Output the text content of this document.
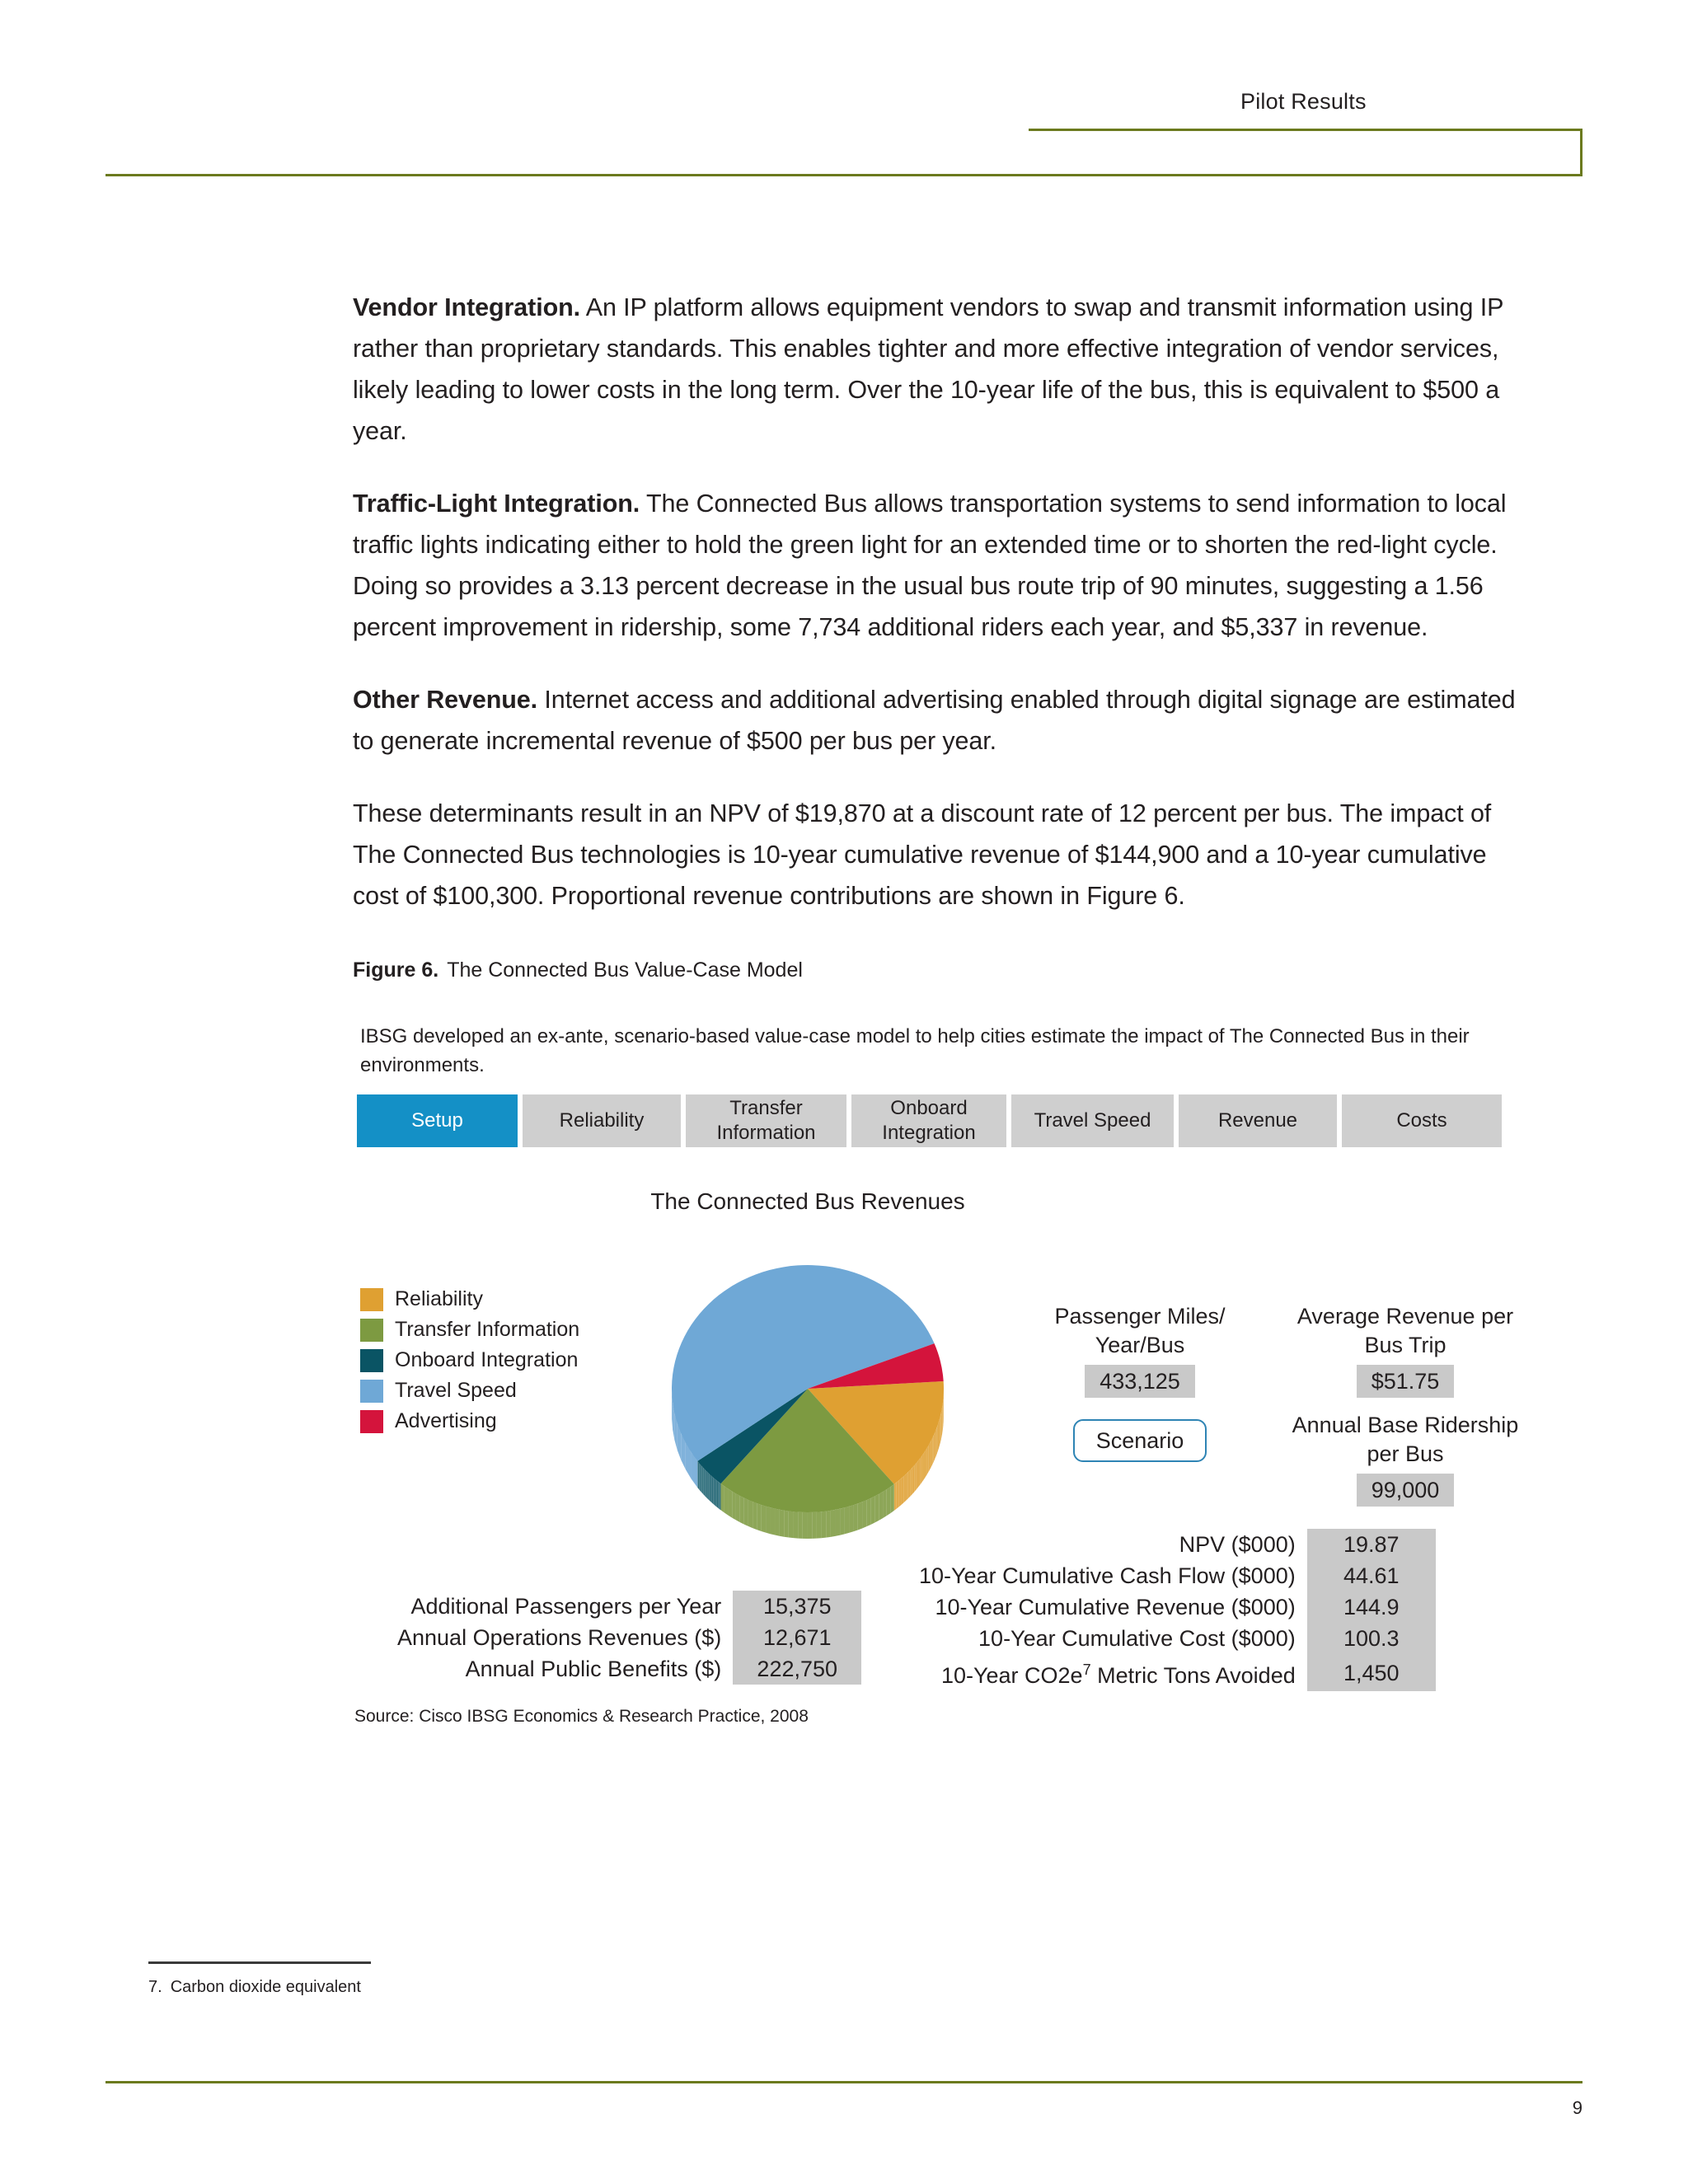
Pilot Results

Vendor Integration. An IP platform allows equipment vendors to swap and transmit information using IP rather than proprietary standards. This enables tighter and more effective integration of vendor services, likely leading to lower costs in the long term. Over the 10-year life of the bus, this is equivalent to $500 a year.

Traffic-Light Integration. The Connected Bus allows transportation systems to send information to local traffic lights indicating either to hold the green light for an extended time or to shorten the red-light cycle. Doing so provides a 3.13 percent decrease in the usual bus route trip of 90 minutes, suggesting a 1.56 percent improvement in ridership, some 7,734 additional riders each year, and $5,337 in revenue.

Other Revenue. Internet access and additional advertising enabled through digital signage are estimated to generate incremental revenue of $500 per bus per year.

These determinants result in an NPV of $19,870 at a discount rate of 12 percent per bus. The impact of The Connected Bus technologies is 10-year cumulative revenue of $144,900 and a 10-year cumulative cost of $100,300. Proportional revenue contributions are shown in Figure 6.

Figure 6. The Connected Bus Value-Case Model
IBSG developed an ex-ante, scenario-based value-case model to help cities estimate the impact of The Connected Bus in their environments.
Setup	Reliability
Transfer Information
Onboard Integration
Travel Speed	Revenue	Costs
The Connected Bus Revenues
Reliability
Transfer Information
Onboard Integration
Travel Speed
Advertising
Passenger Miles/ Year/Bus
433,125
Average Revenue per Bus Trip
$51.75
Annual Base Ridership per Bus
99,000
Scenario
NPV ($000)	19.87
10-Year Cumulative Cash Flow ($000)	44.61
10-Year Cumulative Revenue ($000)	144.9
10-Year Cumulative Cost ($000)	100.3
10-Year $CO2e^7$ Metric Tons Avoided	1,450
Additional Passengers per Year	15,375
Annual Operations Revenues ($)	12,671
Annual Public Benefits ($)	222,750
Source: Cisco IBSG Economics & Research Practice, 2008
7. Carbon dioxide equivalent
9
